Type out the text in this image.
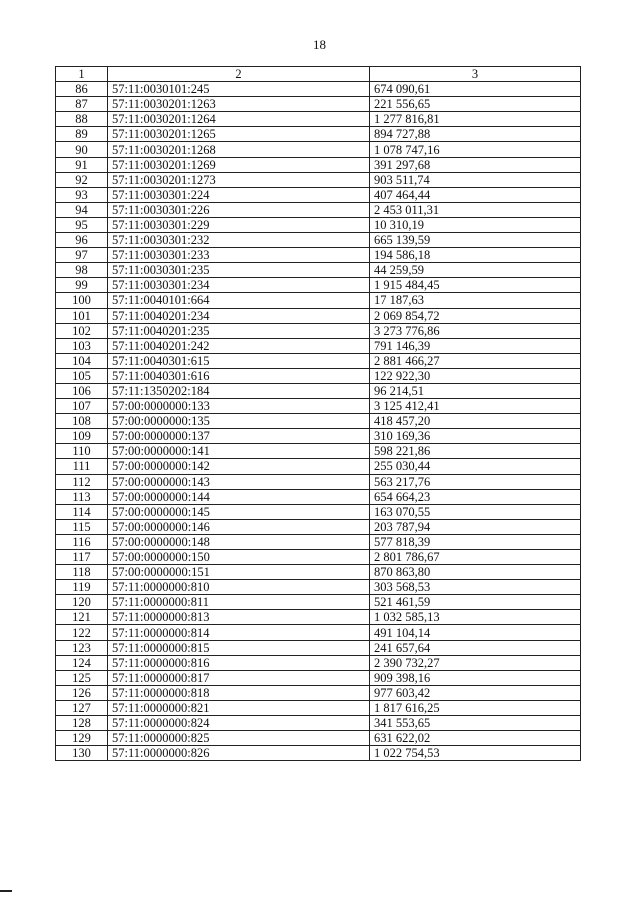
18
1	2	3
86	57:11:0030101:245	674 090,61
87	57:11:0030201:1263	221 556,65
88	57:11:0030201:1264	1 277 816,81
89	57:11:0030201:1265	894 727,88
90	57:11:0030201:1268	1 078 747,16
91	57:11:0030201:1269	391 297,68
92	57:11:0030201:1273	903 511,74
93	57:11:0030301:224	407 464,44
94	57:11:0030301:226	2 453 011,31
95	57:11:0030301:229	10 310,19
96	57:11:0030301:232	665 139,59
97	57:11:0030301:233	194 586,18
98	57:11:0030301:235	44 259,59
99	57:11:0030301:234	1 915 484,45
100	57:11:0040101:664	17 187,63
101	57:11:0040201:234	2 069 854,72
102	57:11:0040201:235	3 273 776,86
103	57:11:0040201:242	791 146,39
104	57:11:0040301:615	2 881 466,27
105	57:11:0040301:616	122 922,30
106	57:11:1350202:184	96 214,51
107	57:00:0000000:133	3 125 412,41
108	57:00:0000000:135	418 457,20
109	57:00:0000000:137	310 169,36
110	57:00:0000000:141	598 221,86
111	57:00:0000000:142	255 030,44
112	57:00:0000000:143	563 217,76
113	57:00:0000000:144	654 664,23
114	57:00:0000000:145	163 070,55
115	57:00:0000000:146	203 787,94
116	57:00:0000000:148	577 818,39
117	57:00:0000000:150	2 801 786,67
118	57:00:0000000:151	870 863,80
119	57:11:0000000:810	303 568,53
120	57:11:0000000:811	521 461,59
121	57:11:0000000:813	1 032 585,13
122	57:11:0000000:814	491 104,14
123	57:11:0000000:815	241 657,64
124	57:11:0000000:816	2 390 732,27
125	57:11:0000000:817	909 398,16
126	57:11:0000000:818	977 603,42
127	57:11:0000000:821	1 817 616,25
128	57:11:0000000:824	341 553,65
129	57:11:0000000:825	631 622,02
130	57:11:0000000:826	1 022 754,53
